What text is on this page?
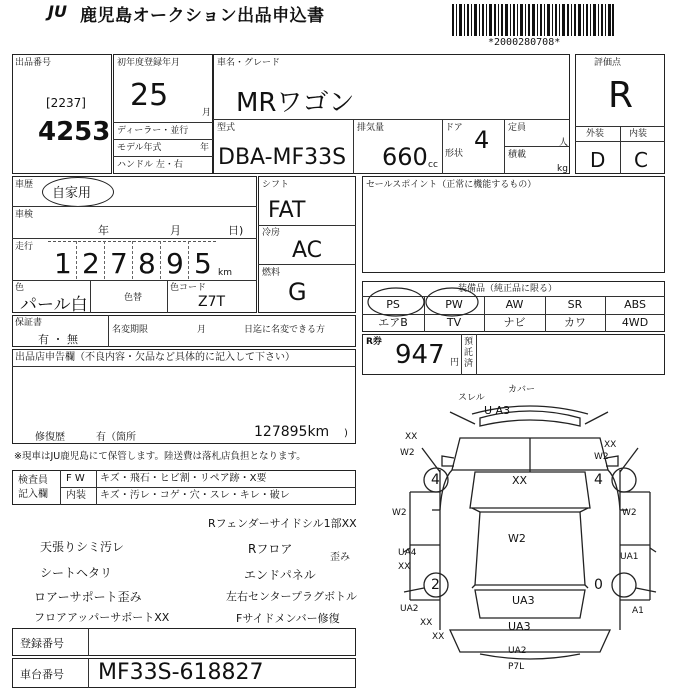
JU 鹿児島オークション出品申込書
*2000280708*
出品番号
[2237]
4253
初年度登録年月
25	月
ディーラー・並行
モデル年式	年
ハンドル 左・右
車名・グレード
MRワゴン
型式
DBA-MF33S
排気量
660 cc
ドア 4
形状
定員
人
積載
kg
評価点
R
外装	内装
D C
車歴
自家用
車検
年	月	日)
走行 1 2 7 8 9 5 km
色
パール白	色替
色コード
Z7T
シフト
FAT
冷房
AC
燃料
G
セールスポイント（正常に機能するもの）
保証書
有 ・ 無
名変期限	月	日迄に名変できる方
装備品（純正品に限る）
PS	PW	AW	SR	ABS
エアB	TV	ナビ	カワ	4WD
R券 947 円
預託済
出品店申告欄（不良内容・欠品など具体的に記入して下さい）
修復歴	有（箇所	127895km )
※現車はJU鹿児島にて保管します。陸送費は落札店負担となります。
検査員
記入欄
F W キズ・飛石・ヒビ割・リペア跡・X要
内装 キズ・汚レ・コゲ・穴・スレ・キレ・破レ
Rフェンダーサイドシル1部XX
天張りシミ汚レ
シートヘタリ
ロアーサポート歪み
フロアアッパーサポートXX
Rフロア
歪み
エンドパネル
左右センタープラグボトル
Fサイドメンバー修復
スレル
カバー
U A3
XX
W2
XX
W2
XX
W2
W2	W2
UA4
XX
UA1
A1
UA3
UA2
XX
XX
UA3
UA2
P7L
4	4
2	0
登録番号
車台番号 MF33S-618827
